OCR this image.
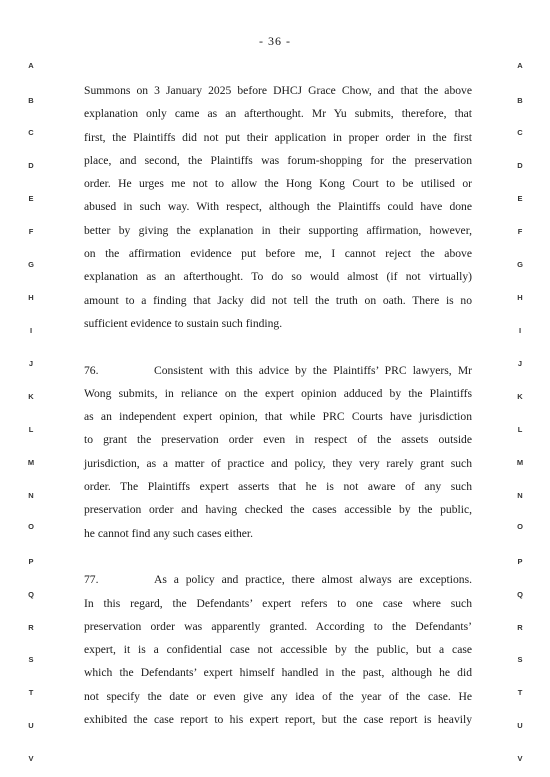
- 36 -
A
B
C
D
E
F
G
H
I
J
K
L
M
N
O
P
Q
R
S
T
U
V
A
B
C
D
E
F
G
H
I
J
K
L
M
N
O
P
Q
R
S
T
U
V
Summons on 3 January 2025 before DHCJ Grace Chow, and that the above
explanation only came as an afterthought. Mr Yu submits, therefore, that
first, the Plaintiffs did not put their application in proper order in the first
place, and second, the Plaintiffs was forum-shopping for the preservation
order. He urges me not to allow the Hong Kong Court to be utilised or
abused in such way. With respect, although the Plaintiffs could have done
better by giving the explanation in their supporting affirmation, however,
on the affirmation evidence put before me, I cannot reject the above
explanation as an afterthought. To do so would almost (if not virtually)
amount to a finding that Jacky did not tell the truth on oath. There is no
sufficient evidence to sustain such finding.
76.	Consistent with this advice by the Plaintiffs’ PRC lawyers, Mr
Wong submits, in reliance on the expert opinion adduced by the Plaintiffs
as an independent expert opinion, that while PRC Courts have jurisdiction
to grant the preservation order even in respect of the assets outside
jurisdiction, as a matter of practice and policy, they very rarely grant such
order. The Plaintiffs expert asserts that he is not aware of any such
preservation order and having checked the cases accessible by the public,
he cannot find any such cases either.
77.	As a policy and practice, there almost always are exceptions.
In this regard, the Defendants’ expert refers to one case where such
preservation order was apparently granted. According to the Defendants’
expert, it is a confidential case not accessible by the public, but a case
which the Defendants’ expert himself handled in the past, although he did
not specify the date or even give any idea of the year of the case. He
exhibited the case report to his expert report, but the case report is heavily
